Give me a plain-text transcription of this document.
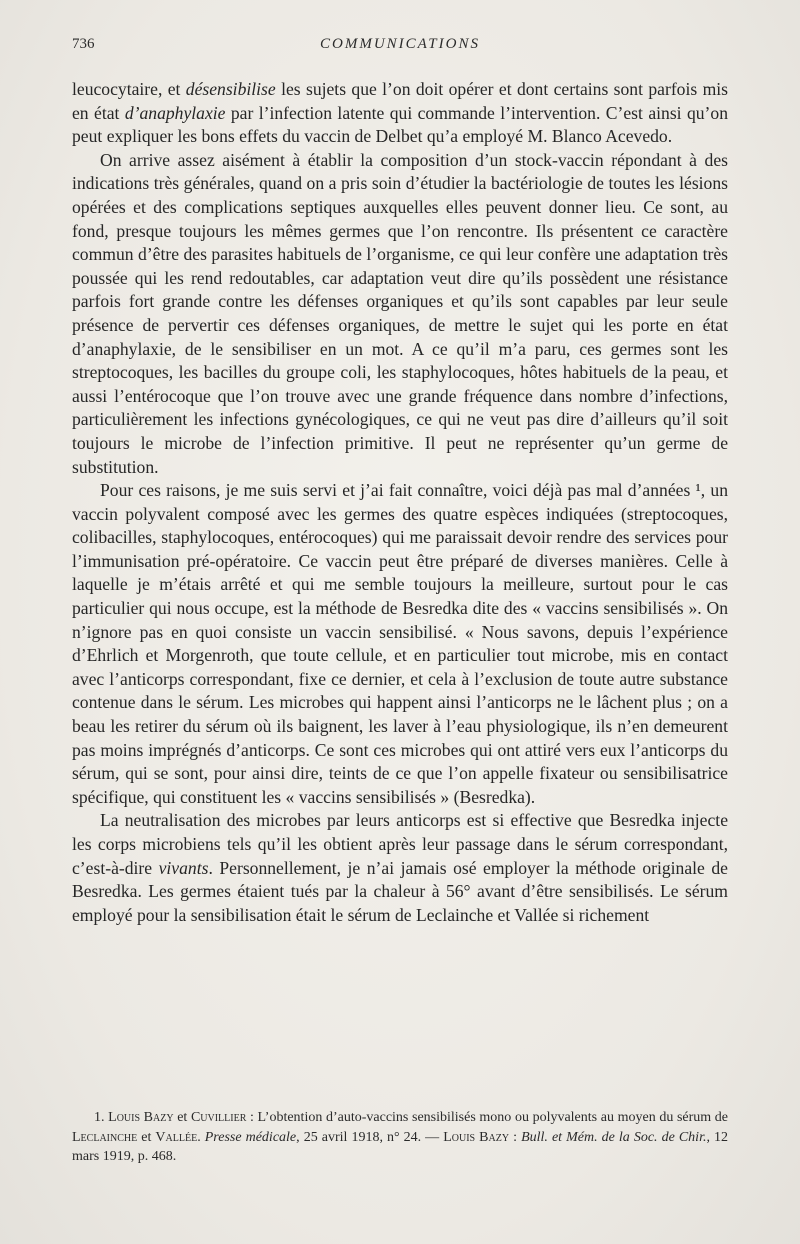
736	COMMUNICATIONS

leucocytaire, et désensibilise les sujets que l’on doit opérer et dont certains sont parfois mis en état d’anaphylaxie par l’infection latente qui commande l’intervention. C’est ainsi qu’on peut expliquer les bons effets du vaccin de Delbet qu’a employé M. Blanco Acevedo.

On arrive assez aisément à établir la composition d’un stock-vaccin répondant à des indications très générales, quand on a pris soin d’étudier la bactériologie de toutes les lésions opérées et des complications septiques auxquelles elles peuvent donner lieu. Ce sont, au fond, presque toujours les mêmes germes que l’on rencontre. Ils présentent ce caractère commun d’être des parasites habituels de l’organisme, ce qui leur confère une adaptation très poussée qui les rend redoutables, car adaptation veut dire qu’ils possèdent une résistance parfois fort grande contre les défenses organiques et qu’ils sont capables par leur seule présence de pervertir ces défenses organiques, de mettre le sujet qui les porte en état d’anaphylaxie, de le sensibiliser en un mot. A ce qu’il m’a paru, ces germes sont les streptocoques, les bacilles du groupe coli, les staphylocoques, hôtes habituels de la peau, et aussi l’entérocoque que l’on trouve avec une grande fréquence dans nombre d’infections, particulièrement les infections gynécologiques, ce qui ne veut pas dire d’ailleurs qu’il soit toujours le microbe de l’infection primitive. Il peut ne représenter qu’un germe de substitution.

Pour ces raisons, je me suis servi et j’ai fait connaître, voici déjà pas mal d’années ¹, un vaccin polyvalent composé avec les germes des quatre espèces indiquées (streptocoques, colibacilles, staphylocoques, entérocoques) qui me paraissait devoir rendre des services pour l’immunisation pré-opératoire. Ce vaccin peut être préparé de diverses manières. Celle à laquelle je m’étais arrêté et qui me semble toujours la meilleure, surtout pour le cas particulier qui nous occupe, est la méthode de Besredka dite des « vaccins sensibilisés ». On n’ignore pas en quoi consiste un vaccin sensibilisé. « Nous savons, depuis l’expérience d’Ehrlich et Morgenroth, que toute cellule, et en particulier tout microbe, mis en contact avec l’anticorps correspondant, fixe ce dernier, et cela à l’exclusion de toute autre substance contenue dans le sérum. Les microbes qui happent ainsi l’anticorps ne le lâchent plus ; on a beau les retirer du sérum où ils baignent, les laver à l’eau physiologique, ils n’en demeurent pas moins imprégnés d’anticorps. Ce sont ces microbes qui ont attiré vers eux l’anticorps du sérum, qui se sont, pour ainsi dire, teints de ce que l’on appelle fixateur ou sensibilisatrice spécifique, qui constituent les « vaccins sensibilisés » (Besredka).

La neutralisation des microbes par leurs anticorps est si effective que Besredka injecte les corps microbiens tels qu’il les obtient après leur passage dans le sérum correspondant, c’est-à-dire vivants. Personnellement, je n’ai jamais osé employer la méthode originale de Besredka. Les germes étaient tués par la chaleur à 56° avant d’être sensibilisés. Le sérum employé pour la sensibilisation était le sérum de Leclainche et Vallée si richement

1. Louis Bazy et Cuvillier : L’obtention d’auto-vaccins sensibilisés mono ou polyvalents au moyen du sérum de Leclainche et Vallée. Presse médicale, 25 avril 1918, n° 24. — Louis Bazy : Bull. et Mém. de la Soc. de Chir., 12 mars 1919, p. 468.
